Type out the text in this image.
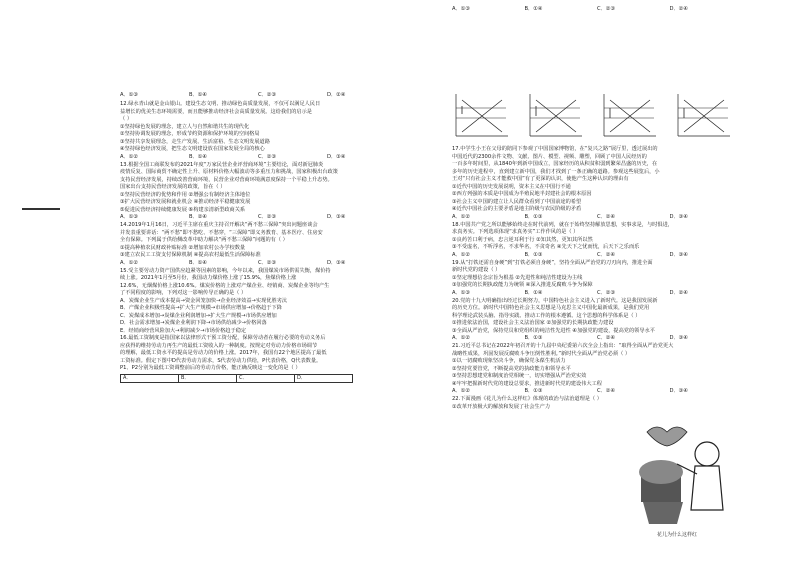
A．①③	B．①④	C．②③	D．②④
12.绿水青山就是金山银山。建设生态文明、推动绿色高质量发展，不仅可以满足人民日
益增长的优美生态环境需要，而且能够推动经济社会高质量发展。这给我们的启示是
（ ）
①坚持绿色发展的理念，建立人与自然和谐共生的现代化
②坚持协调发展的理念，形成节约资源和保护环境的空间格局
③坚持共享发展理念，走生产发展、生活富裕、生态文明发展道路
④坚持绿色经济发展，把生态文明建设放在国家发展全局的核心
A．①②	B．①④	C．②③	D．③④
13.根据全国工商联发布的2021年度“万家民营企业评营商环境”主要结论，面对新冠肺炎
疫情反复、国际商贸不确定性上升、原材料价格大幅波动等多重压力和挑战，国家积极出台政策
支持民营经济发展，持续改善营商环境，民营企业对营商环境满意度保持一个平稳上升态势。
国家出台支持民营经济发展的政策，旨在（ ）
①坚持民营经济的优势和作用 ②增强公有制经济主体地位
③扩大民营经济发展和就业机会 ④推动经济平稳健康发展
⑤促进民营经济持续健康发展 ⑥构建亲清新型政商关系
A．①③	B．②④	C．②③	D．③④
14.2019年1月16日，习近平主席在重庆主持召开解决“两不愁三保障”突出问题座谈会
并发表重要讲话：“两不愁”即不愁吃、不愁穿，“三保障”即义务教育、基本医疗、住房安
全有保障。下列属于供给侧改革中助力解决“两不愁三保障”问题的有（ ）
①提高种植农民财政补贴标准 ②增加农村公办学校数量
③建立农民工工资支付保障机制 ④提高农村最低生活保障标准
A．①②	B．①④	C．②③	D．③④
15.受主要劳动力资产国供应趋紧等因素的影响，今年以来，我国煤炭市场供需失衡，煤价持
续上涨。2021年1月至5月份，我国动力煤价格上涨了15.9%，焦煤价格上涨
12.6%，无烟煤价格上涨10.6%。煤炭价格的上涨对产煤企业、经销商、炭煤企业等均产生
了不同程度的影响，下列对这一影响传导正确的是（ ）
A．炭煤企业生产成本提高→资金回笼加快→企业经济效益→实现优胜劣汰
B．产煤企业积极性提高→扩大生产规模→市场供应增加→价格趋于下降
C．炭煤成本增加→炭煤企业利润增加→扩大生产规模→市场供应增加
D．社会需求增加→炭煤企业利润下降→市场供给减少→价格回落
E．经销商经营风险加大→利润减少→市场价格趋于稳定
16.最低工资制度是指国家以法律形式干预工资分配，保障劳动者在履行必要的劳动义务后
应获得的维持劳动力再生产的最低工资收入的一种制度。按规定对劳动力价格市场调节
的理解，最低工资水平的提高是劳动力的价格上涨。2017年，我国有22个地区提高了最低
工资标准。假定下图中D代表劳动力需求，S代表劳动力供给，P代表价格，Q代表数量。
P1、P2分别为最低工资调整前后的劳动力价格，能正确反映这一变化的是（ ）
A．	B．	C．	D．
A．①③	B．①④	C．②③	D．②④
17.中学生小王在父母的陪同下参观了中国国家博物馆，在“复兴之路”展厅里，透过展出的
中国近代的2300余件文物、文献、图片、模型、视频、雕塑，回顾了中国人民经历的
一百多年时间里，从1840年到新中国成立，国家经历的从积贫积弱到繁荣昌盛的历史，在
多年的历史进程中，直到建立新中国，我们才找到了一条正确的道路。参观这些展览后，小
王对“只有社会主义才能救中国”有了更深的认识，使他产生这种认识的理由有
①近代中国的历史发展说明，资本主义在中国行不通
②西方列强的本质是中国成为半殖民地半封建社会的根本原因
③社会主义中国的建立让人民群众看到了中国前途的希望
④近代中国社会的主要矛盾是地主阶级与农民阶级的矛盾
A．①②	B．①③	C．②④	D．③④
18.中国共产党之所以能够始终走在时代前列，就在于始终坚持解放思想，实事求是，与时俱进，
求真务实。下列选项体现“求真务实”工作作风的是（ ）
①良药苦口利于病，忠言逆耳利于行 ②知其然，更知其所以然
③不受虚名，不听浮名，不求华名，不贪奇名 ④先天下之忧而忧，后天下之乐而乐
A．①②	B．①③	C．②④	D．③④
19.从“打铁还需自身硬”到“打铁必须自身硬”，坚持全面从严治党的刀刃向内，推进全面
新时代党的建设（ ）
①坚定理想信念宗旨为根基 ②先进性和纯洁性建设为主线
③加强党的长期执政能力为统领 ④深入推进反腐败斗争为保障
A．①③	B．①④	C．②③	D．②④
20.党的十九大明确指出经过长期努力，中国特色社会主义进入了新时代。这是我国发展新
的历史方位。新时代中国特色社会主义思想是马克思主义中国化最新成果，是我们党用
科学理论武装头脑、指导实践、推动工作的根本遵循。这个思想的科学体系是（ ）
①推进依法治国，建设社会主义法治国家 ②加强党的长期执政能力建设
③全面从严治党，保持党员和党组织的纯洁性先进性 ④加强党的建设，提高党的领导水平
A．①②	B．①③	C．②④	D．③④
21.习近平总书记在2022年初召开的十九届中央纪委第六次全会上指出：“取得全面从严治党更大
战略性成果，巩固发展反腐败斗争压倒性胜利。”新时代全面从严治党必须（ ）
①以一切腐败现象坚决斗争，确保党永葆生机活力
②坚持党要管党，不断提高党的执政能力和领导水平
③坚持思想建党和制度治党相统一，切实增强从严治党实效
④牢牢把握新时代党的建设总要求，推进新时代党的建设伟大工程
A．①②	B．①③	C．②④	D．③④
22.下面漫画《花儿为什么这样红》体现的政治与法治道理是（ ）
①改革开放极大的解放和发展了社会生产力
花儿为什么这样红
